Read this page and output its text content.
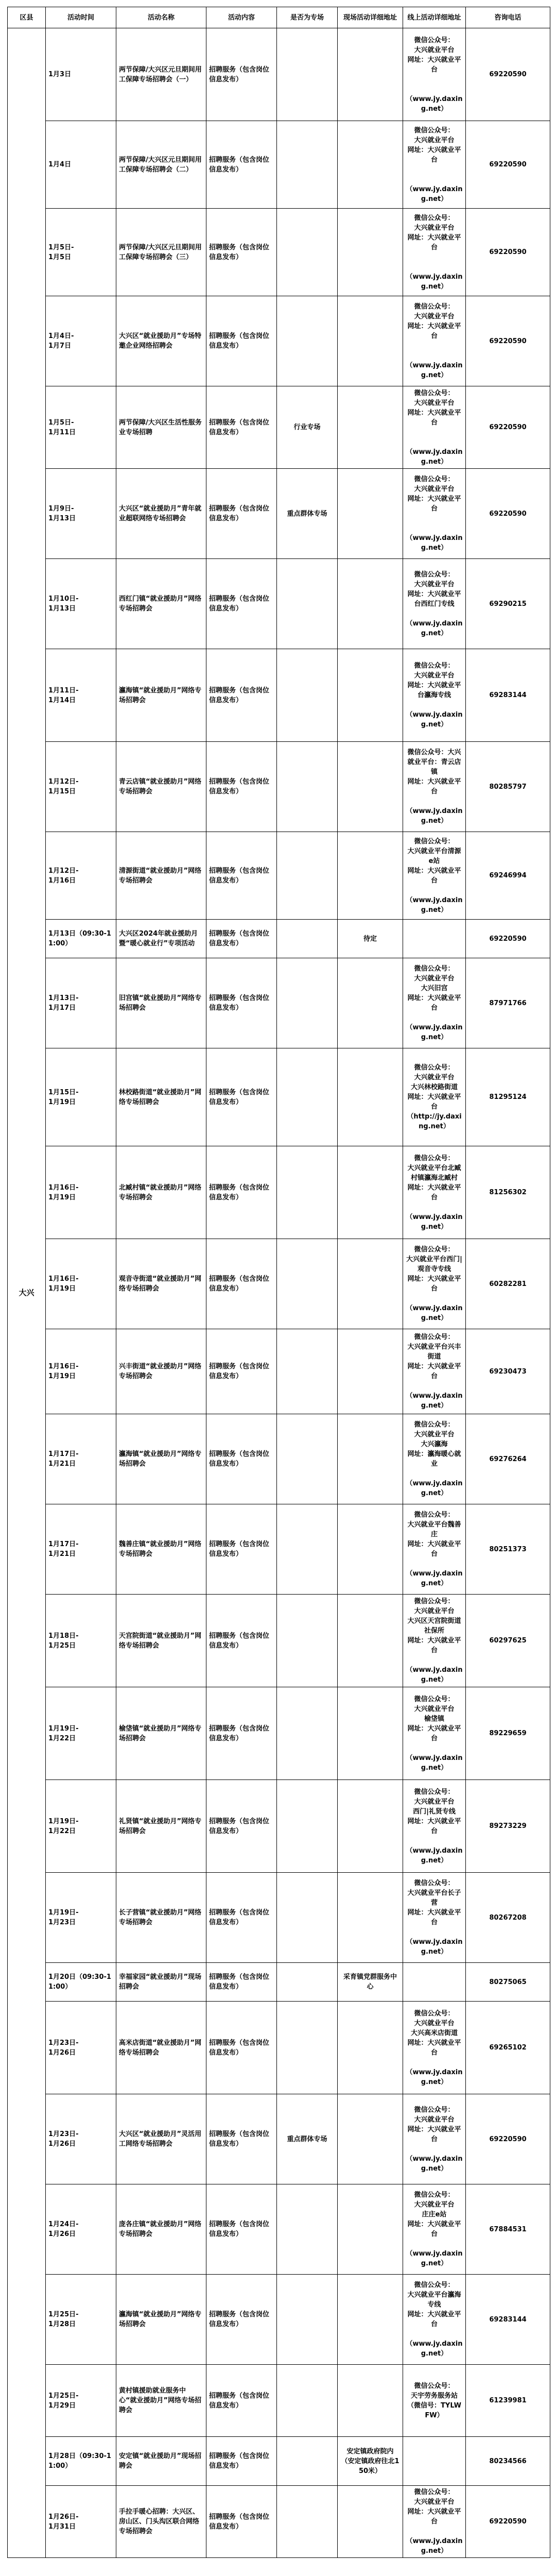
区县	活动时间	活动名称	活动内容	是否为专场	现场活动详细地址	线上活动详细地址	咨询电话
大兴	1月3日	两节保障/大兴区元旦期间用工保障专场招聘会（一）	招聘服务（包含岗位信息发布）			微信公众号：
大兴就业平台
网址：大兴就业平台

（www.jy.daxing.net）	69220590
	1月4日	两节保障/大兴区元旦期间用工保障专场招聘会（二）	招聘服务（包含岗位信息发布）			微信公众号：
大兴就业平台
网址：大兴就业平台

（www.jy.daxing.net）	69220590
	1月5日-
1月5日	两节保障/大兴区元旦期间用工保障专场招聘会（三）	招聘服务（包含岗位信息发布）			微信公众号：
大兴就业平台
网址：大兴就业平台

（www.jy.daxing.net）	69220590
	1月4日-
1月7日	大兴区“就业援助月”专场特邀企业网络招聘会	招聘服务（包含岗位信息发布）			微信公众号：
大兴就业平台
网址：大兴就业平台

（www.jy.daxing.net）	69220590
	1月5日-
1月11日	两节保障/大兴区生活性服务业专场招聘	招聘服务（包含岗位信息发布）	行业专场		微信公众号：
大兴就业平台
网址：大兴就业平台

（www.jy.daxing.net）	69220590
	1月9日-
1月13日	大兴区“就业援助月”青年就业超联网络专场招聘会	招聘服务（包含岗位信息发布）	重点群体专场		微信公众号：
大兴就业平台
网址：大兴就业平台

（www.jy.daxing.net）	69220590
	1月10日-
1月13日	西红门镇“就业援助月”网络专场招聘会	招聘服务（包含岗位信息发布）			微信公众号：
大兴就业平台
网址：大兴就业平台西红门专线

（www.jy.daxing.net）	69290215
	1月11日-
1月14日	瀛海镇“就业援助月”网络专场招聘会	招聘服务（包含岗位信息发布）			微信公众号：
大兴就业平台
网址：大兴就业平台瀛海专线

（www.jy.daxing.net）	69283144
	1月12日-
1月15日	青云店镇“就业援助月”网络专场招聘会	招聘服务（包含岗位信息发布）			微信公众号：大兴就业平台：青云店镇
网址：大兴就业平台

（www.jy.daxing.net）	80285797
	1月12日-
1月16日	清源街道“就业援助月”网络专场招聘会	招聘服务（包含岗位信息发布）			微信公众号：
大兴就业平台清源e站
网址：大兴就业平台

（www.jy.daxing.net）	69246994
	1月13日（09:30-11:00）	大兴区2024年就业援助月暨“暖心就业行”专项活动	招聘服务（包含岗位信息发布）		待定		69220590
	1月13日-
1月17日	旧宫镇“就业援助月”网络专场招聘会	招聘服务（包含岗位信息发布）			微信公众号：
大兴就业平台
大兴旧宫
网址：大兴就业平台

（www.jy.daxing.net）	87971766
	1月15日-
1月19日	林校路街道“就业援助月”网络专场招聘会	招聘服务（包含岗位信息发布）			微信公众号：
大兴就业平台
大兴林校路街道
网址：大兴就业平台
（http://jy.daxing.net）	81295124
	1月16日-
1月19日	北臧村镇“就业援助月”网络专场招聘会	招聘服务（包含岗位信息发布）			微信公众号：
大兴就业平台北臧村镇瀛海北臧村
网址：大兴就业平台

（www.jy.daxing.net）	81256302
	1月16日-
1月19日	观音寺街道“就业援助月”网络专场招聘会	招聘服务（包含岗位信息发布）			微信公众号：
大兴就业平台西门|观音寺专线
网址：大兴就业平台

（www.jy.daxing.net）	60282281
	1月16日-
1月19日	兴丰街道“就业援助月”网络专场招聘会	招聘服务（包含岗位信息发布）			微信公众号：
大兴就业平台兴丰街道
网址：大兴就业平台

（www.jy.daxing.net）	69230473
	1月17日-
1月21日	瀛海镇“就业援助月”网络专场招聘会	招聘服务（包含岗位信息发布）			微信公众号：
大兴就业平台
大兴瀛海
网址：瀛海暖心就业

（www.jy.daxing.net）	69276264
	1月17日-
1月21日	魏善庄镇“就业援助月”网络专场招聘会	招聘服务（包含岗位信息发布）			微信公众号：
大兴就业平台魏善庄
网址：大兴就业平台

（www.jy.daxing.net）	80251373
	1月18日-
1月25日	天宫院街道“就业援助月”网络专场招聘会	招聘服务（包含岗位信息发布）			微信公众号：
大兴就业平台
大兴区天宫院街道社保所
网址：大兴就业平台

（www.jy.daxing.net）	60297625
	1月19日-
1月22日	榆垡镇“就业援助月”网络专场招聘会	招聘服务（包含岗位信息发布）			微信公众号：
大兴就业平台
榆垡镇
网址：大兴就业平台

（www.jy.daxing.net）	89229659
	1月19日-
1月22日	礼贤镇“就业援助月”网络专场招聘会	招聘服务（包含岗位信息发布）			微信公众号：
大兴就业平台
西门|礼贤专线
网址：大兴就业平台

（www.jy.daxing.net）	89273229
	1月19日-
1月23日	长子营镇“就业援助月”网络专场招聘会	招聘服务（包含岗位信息发布）			微信公众号：
大兴就业平台长子营
网址：大兴就业平台

（www.jy.daxing.net）	80267208
	1月20日（09:30-11:00）	幸福家园“就业援助月”现场招聘会	招聘服务（包含岗位信息发布）		采育镇党群服务中心		80275065
	1月23日-
1月26日	高米店街道“就业援助月”网络专场招聘会	招聘服务（包含岗位信息发布）			微信公众号：
大兴就业平台
大兴高米店街道
网址：大兴就业平台

（www.jy.daxing.net）	69265102
	1月23日-
1月26日	大兴区“就业援助月”灵活用工网络专场招聘会	招聘服务（包含岗位信息发布）	重点群体专场		微信公众号：
大兴就业平台
网址：大兴就业平台

（www.jy.daxing.net）	69220590
	1月24日-
1月26日	庞各庄镇“就业援助月”网络专场招聘会	招聘服务（包含岗位信息发布）			微信公众号：
大兴就业平台
庄庄e站
网址：大兴就业平台

（www.jy.daxing.net）	67884531
	1月25日-
1月28日	瀛海镇“就业援助月”网络专场招聘会	招聘服务（包含岗位信息发布）			微信公众号：
大兴就业平台瀛海专线
网址：大兴就业平台

（www.jy.daxing.net）	69283144
	1月25日-
1月29日	黄村镇援助就业服务中心“就业援助月”网络专场招聘会	招聘服务（包含岗位信息发布）			微信公众号：
天宇劳务服务站（微信号：TYLWFW）	61239981
	1月28日（09:30-11:00）	安定镇“就业援助月”现场招聘会	招聘服务（包含岗位信息发布）		安定镇政府院内（安定镇政府往北150米）		80234566
	1月26日-
1月31日	手拉手暖心招聘：大兴区、房山区、门头沟区联合网络专场招聘会	招聘服务（包含岗位信息发布）			微信公众号：
大兴就业平台
网址：大兴就业平台

（www.jy.daxing.net）	69220590
